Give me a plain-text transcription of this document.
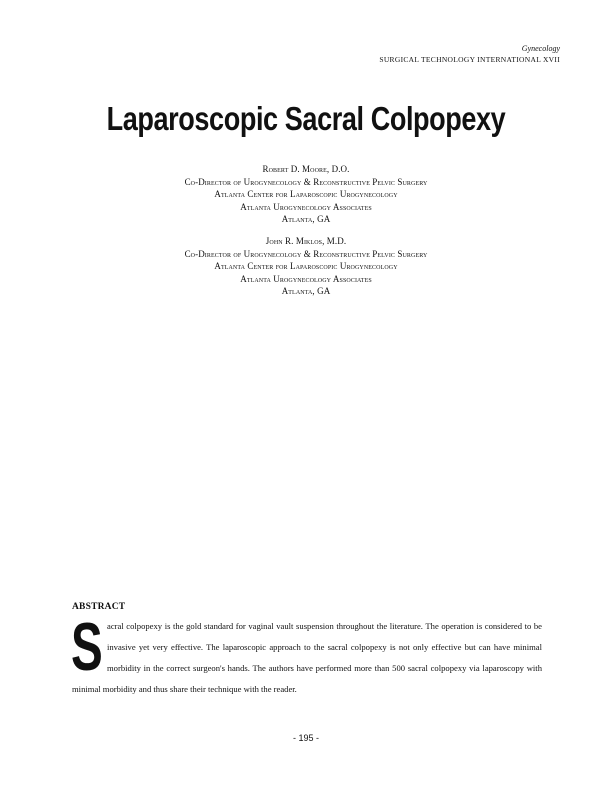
Gynecology
SURGICAL TECHNOLOGY INTERNATIONAL XVII
Laparoscopic Sacral Colpopexy
Robert D. Moore, D.O.
Co-Director of Urogynecology & Reconstructive Pelvic Surgery
Atlanta Center for Laparoscopic Urogynecology
Atlanta Urogynecology Associates
Atlanta, GA
John R. Miklos, M.D.
Co-Director of Urogynecology & Reconstructive Pelvic Surgery
Atlanta Center for Laparoscopic Urogynecology
Atlanta Urogynecology Associates
Atlanta, GA
ABSTRACT
Sacral colpopexy is the gold standard for vaginal vault suspension throughout the literature. The operation is considered to be invasive yet very effective. The laparoscopic approach to the sacral colpopexy is not only effective but can have minimal morbidity in the correct surgeon's hands. The authors have performed more than 500 sacral colpopexy via laparoscopy with minimal morbidity and thus share their technique with the reader.
- 195 -
